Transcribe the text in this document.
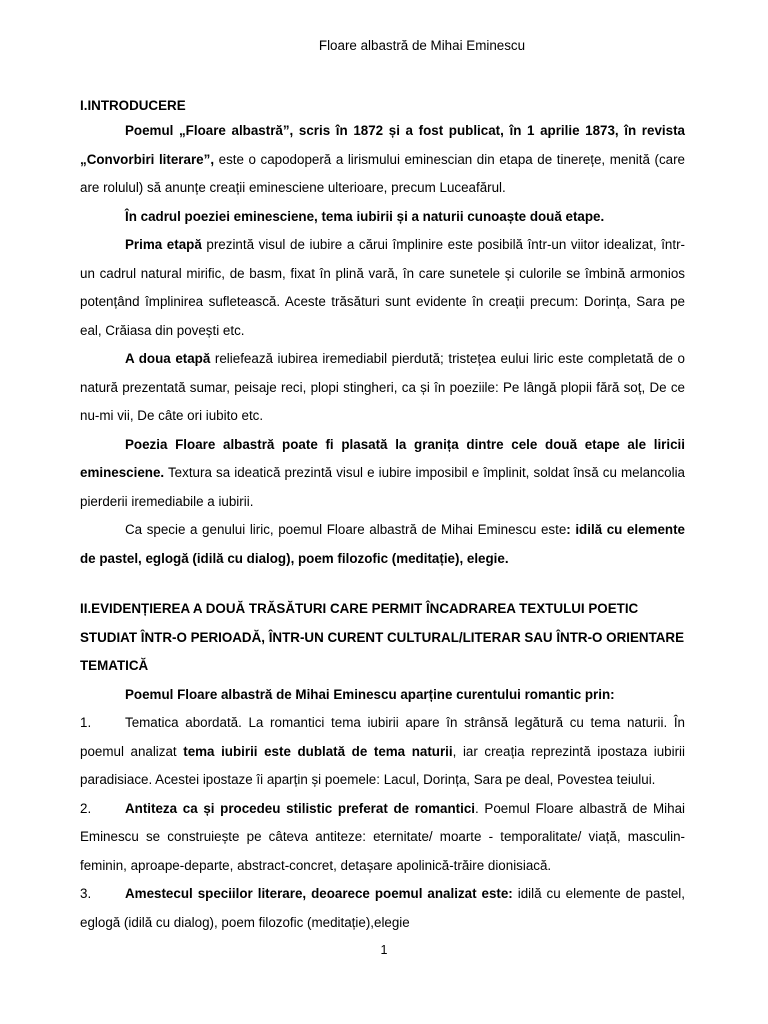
Floare albastră de Mihai Eminescu
I.INTRODUCERE

Poemul „Floare albastră”, scris în 1872 și a fost publicat, în 1 aprilie 1873, în revista „Convorbiri literare”, este o capodoperă a lirismului eminescian din etapa de tinerețe, menită (care are rolulul) să anunțe creații eminesciene ulterioare, precum Luceafărul.

În cadrul poeziei eminesciene, tema iubirii și a naturii cunoaște două etape.

Prima etapă prezintă visul de iubire a cărui împlinire este posibilă într-un viitor idealizat, într-un cadrul natural mirific, de basm, fixat în plină vară, în care sunetele și culorile se îmbină armonios potențând împlinirea sufletească. Aceste trăsături sunt evidente în creații precum: Dorința, Sara pe eal, Crăiasa din povești etc.

A doua etapă reliefează iubirea iremediabil pierdută; tristețea eului liric este completată de o natură prezentată sumar, peisaje reci, plopi stingheri, ca și în poeziile: Pe lângă plopii fără soț, De ce nu-mi vii, De câte ori iubito etc.

Poezia Floare albastră poate fi plasată la granița dintre cele două etape ale liricii eminesciene. Textura sa ideatică prezintă visul e iubire imposibil e împlinit, soldat însă cu melancolia pierderii iremediabile a iubirii.

Ca specie a genului liric, poemul Floare albastră de Mihai Eminescu este: idilă cu elemente de pastel, eglogă (idilă cu dialog), poem filozofic (meditație), elegie.

II.EVIDENȚIEREA A DOUĂ TRĂSĂTURI CARE PERMIT ÎNCADRAREA TEXTULUI POETIC STUDIAT ÎNTR-O PERIOADĂ, ÎNTR-UN CURENT CULTURAL/LITERAR SAU ÎNTR-O ORIENTARE TEMATICĂ

Poemul Floare albastră de Mihai Eminescu aparține curentului romantic prin:

1.	Tematica abordată. La romantici tema iubirii apare în strânsă legătură cu tema naturii. În poemul analizat tema iubirii este dublată de tema naturii, iar creația reprezintă ipostaza iubirii paradisiace. Acestei ipostaze îi aparțin și poemele: Lacul, Dorința, Sara pe deal, Povestea teiului.
2.	Antiteza ca și procedeu stilistic preferat de romantici. Poemul Floare albastră de Mihai Eminescu se construiește pe câteva antiteze: eternitate/ moarte - temporalitate/ viață, masculin-feminin, aproape-departe, abstract-concret, detașare apolinică-trăire dionisiacă.
3.	Amestecul speciilor literare, deoarece poemul analizat este: idilă cu elemente de pastel, eglogă (idilă cu dialog), poem filozofic (meditație),elegie
1
